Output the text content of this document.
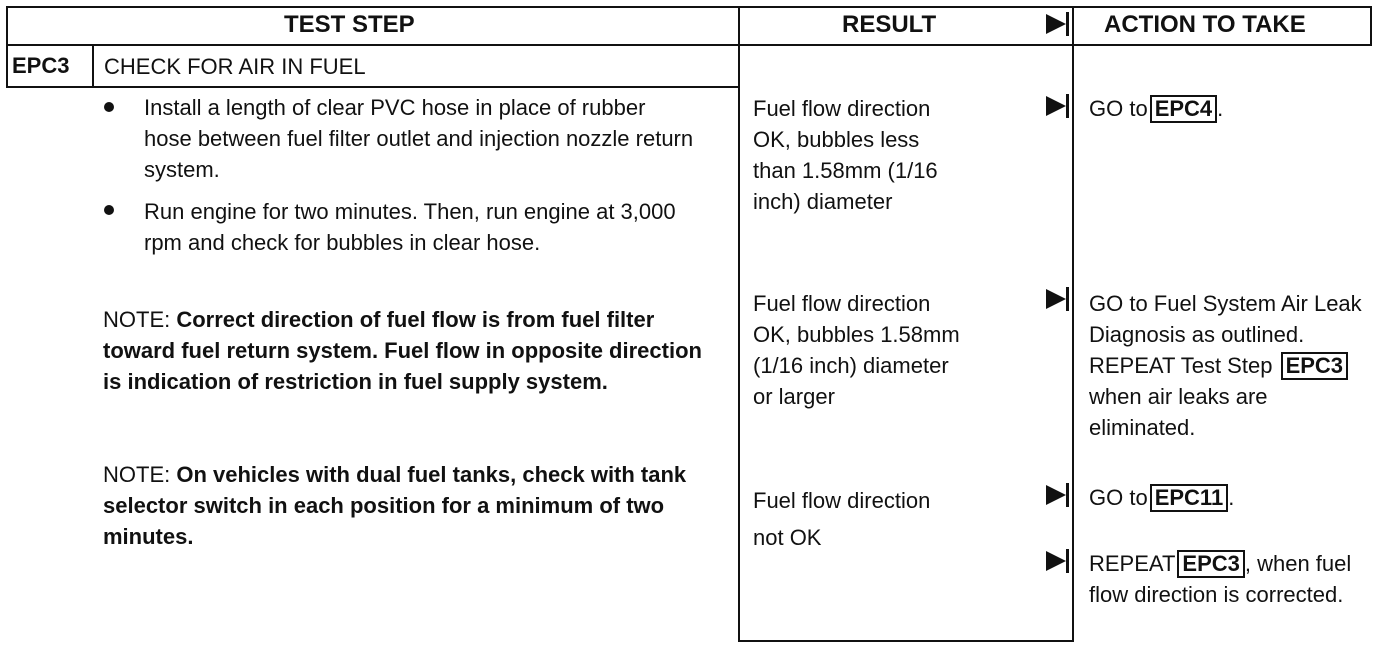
TEST STEP	RESULT	ACTION TO TAKE
EPC3 CHECK FOR AIR IN FUEL
Install a length of clear PVC hose in place of rubber hose between fuel filter outlet and injection nozzle return system.
Run engine for two minutes. Then, run engine at 3,000 rpm and check for bubbles in clear hose.
NOTE: Correct direction of fuel flow is from fuel filter toward fuel return system. Fuel flow in opposite direction is indication of restriction in fuel supply system.
NOTE: On vehicles with dual fuel tanks, check with tank selector switch in each position for a minimum of two minutes.
Fuel flow direction OK, bubbles less than 1.58mm (1/16 inch) diameter
Fuel flow direction OK, bubbles 1.58mm (1/16 inch) diameter or larger
Fuel flow direction not OK
GO to EPC4 .
GO to Fuel System Air Leak Diagnosis as outlined. REPEAT Test Step EPC3 when air leaks are eliminated.
GO to EPC11 .
REPEAT EPC3 , when fuel flow direction is corrected.
